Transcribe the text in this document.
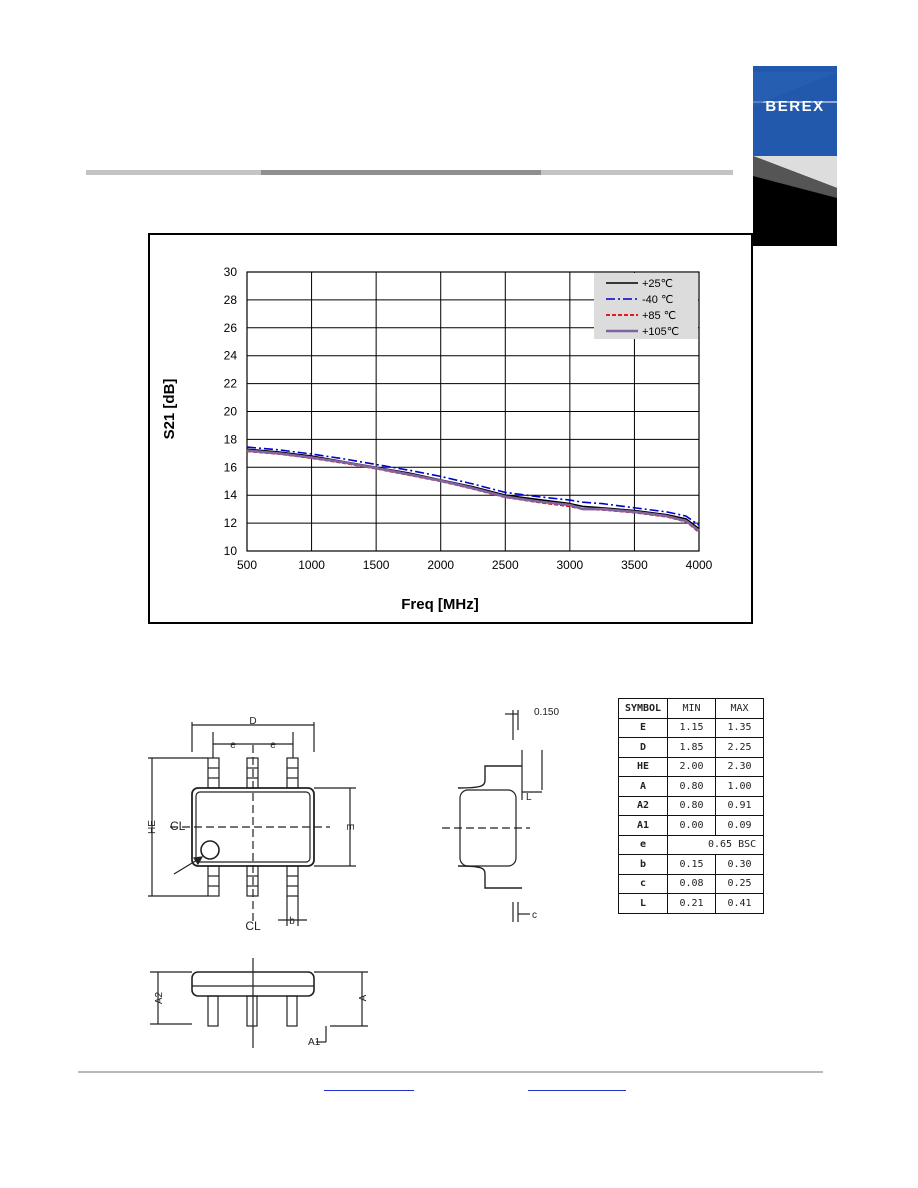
BEREX
10
12
14
16
18
20
22
24
26
28
30
500	1000	1500	2000	2500	3000	3500	4000
S21 [dB]
Freq [MHz]
+25℃
-40 ℃
+85 ℃
+105℃
D
e	e
HE	E
CL
b
CL
0.150
L
c
A2	A
A1
SYMBOL	MIN	MAX
E	1.15	1.35
D	1.85	2.25
HE	2.00	2.30
A	0.80	1.00
A2	0.80	0.91
A1	0.00	0.09
e	0.65 BSC	
b	0.15	0.30
c	0.08	0.25
L	0.21	0.41
